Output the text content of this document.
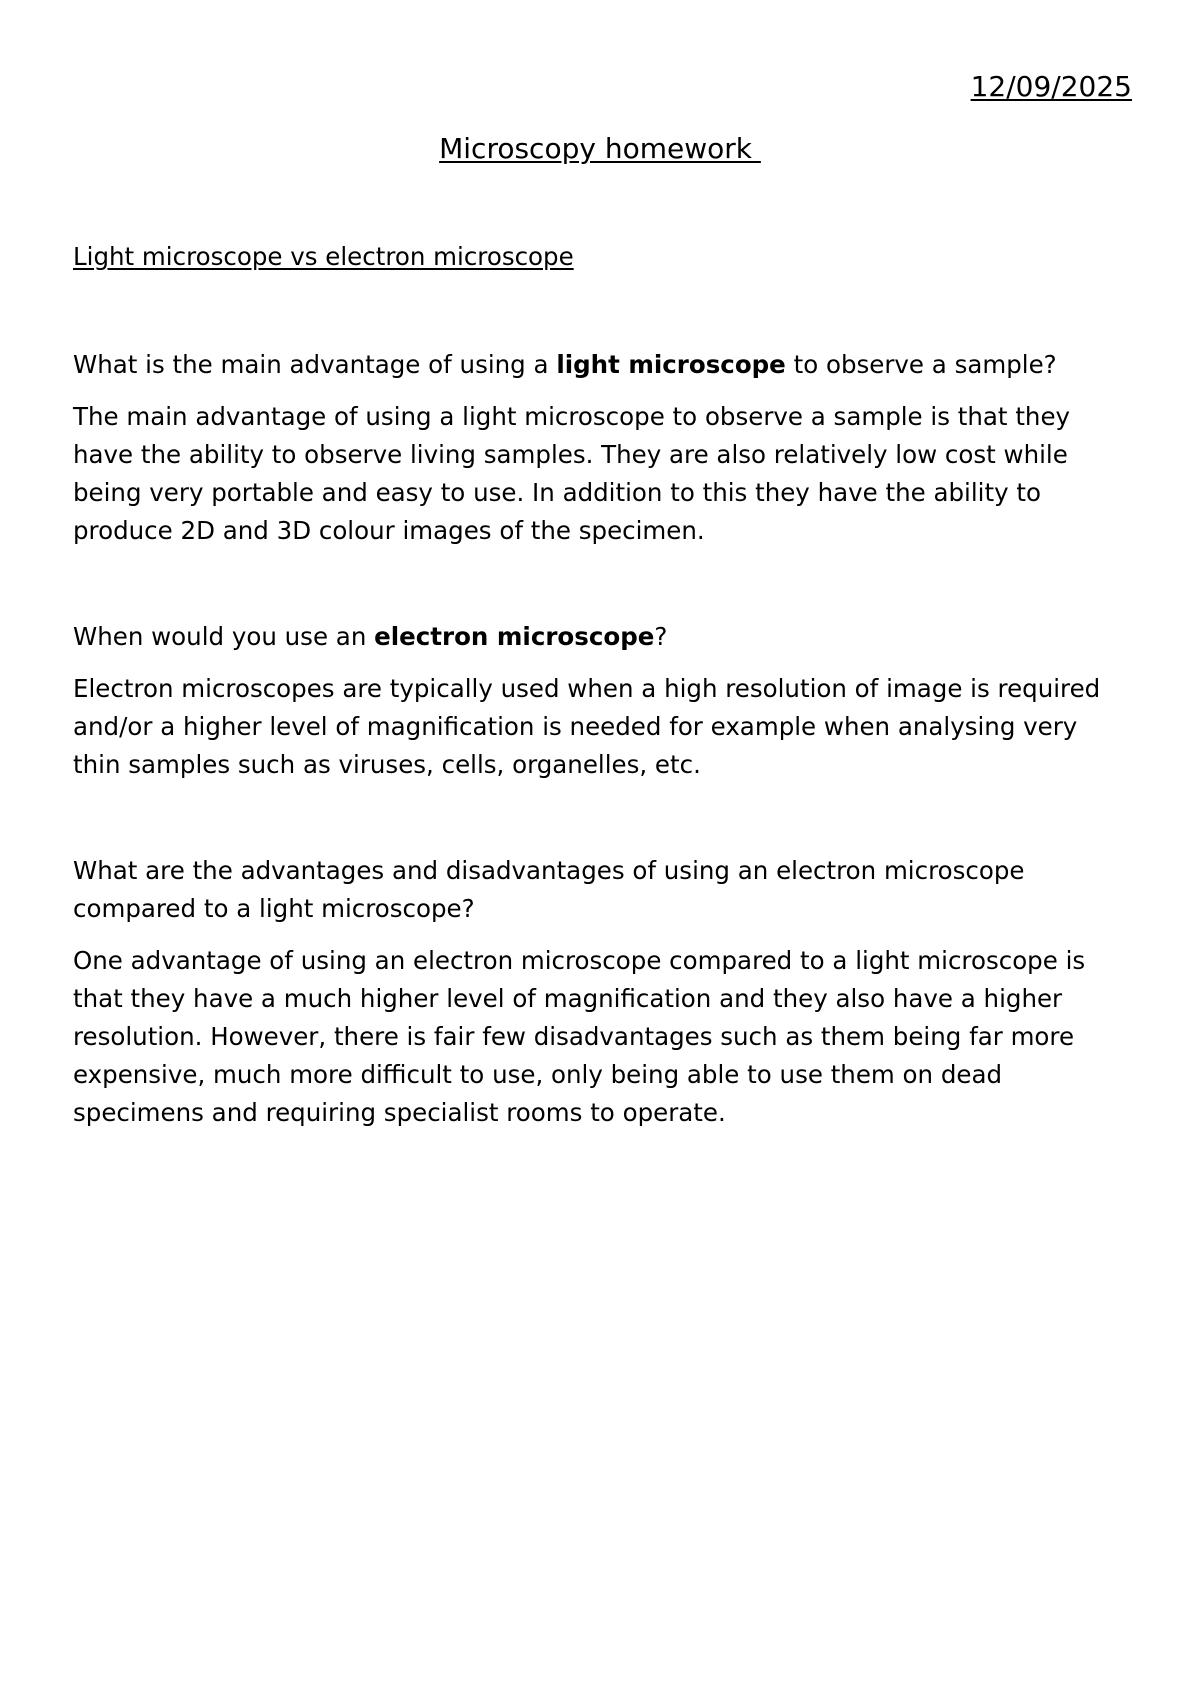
12/09/2025
Microscopy homework

Light microscope vs electron microscope

What is the main advantage of using a light microscope to observe a sample?

The main advantage of using a light microscope to observe a sample is that they have the ability to observe living samples. They are also relatively low cost while being very portable and easy to use. In addition to this they have the ability to produce 2D and 3D colour images of the specimen.

When would you use an electron microscope?

Electron microscopes are typically used when a high resolution of image is required and/or a higher level of magnification is needed for example when analysing very thin samples such as viruses, cells, organelles, etc.

What are the advantages and disadvantages of using an electron microscope compared to a light microscope?

One advantage of using an electron microscope compared to a light microscope is that they have a much higher level of magnification and they also have a higher resolution. However, there is fair few disadvantages such as them being far more expensive, much more difficult to use, only being able to use them on dead specimens and requiring specialist rooms to operate.
